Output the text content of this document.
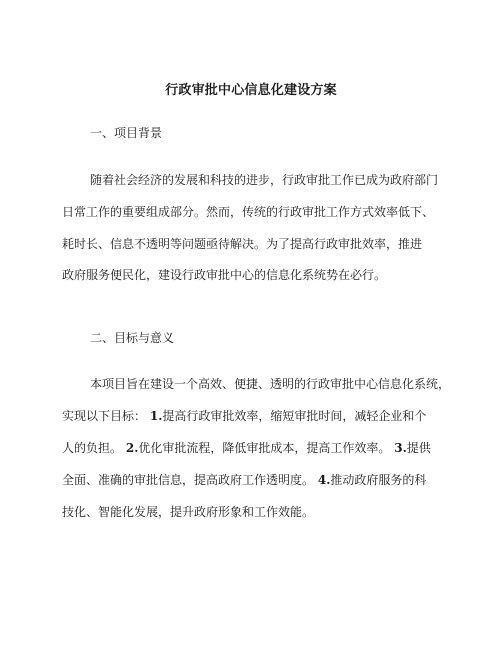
行政审批中心信息化建设方案

一、项目背景

随着社会经济的发展和科技的进步，行政审批工作已成为政府部门

日常工作的重要组成部分。然而，传统的行政审批工作方式效率低下、

耗时长、信息不透明等问题亟待解决。为了提高行政审批效率，推进

政府服务便民化，建设行政审批中心的信息化系统势在必行。

二、目标与意义

本项目旨在建设一个高效、便捷、透明的行政审批中心信息化系统，

实现以下目标： 1.提高行政审批效率，缩短审批时间，减轻企业和个

人的负担。 2.优化审批流程，降低审批成本，提高工作效率。 3.提供

全面、准确的审批信息，提高政府工作透明度。 4.推动政府服务的科

技化、智能化发展，提升政府形象和工作效能。
